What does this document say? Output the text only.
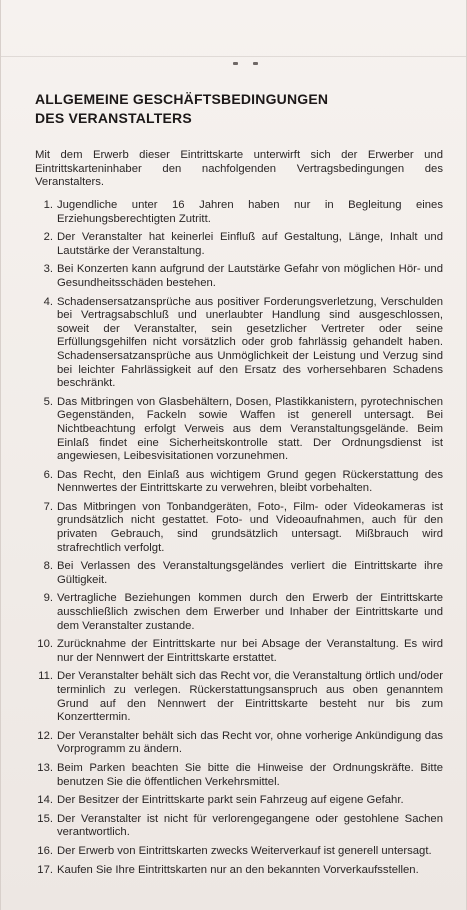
ALLGEMEINE GESCHÄFTSBEDINGUNGEN
DES VERANSTALTERS

Mit dem Erwerb dieser Eintrittskarte unterwirft sich der Erwerber und Eintrittskarteninhaber den nachfolgenden Vertragsbedingungen des Veranstalters.

1. Jugendliche unter 16 Jahren haben nur in Begleitung eines Erziehungsberechtigten Zutritt.
2. Der Veranstalter hat keinerlei Einfluß auf Gestaltung, Länge, Inhalt und Lautstärke der Veranstaltung.
3. Bei Konzerten kann aufgrund der Lautstärke Gefahr von möglichen Hör- und Gesundheitsschäden bestehen.
4. Schadensersatzansprüche aus positiver Forderungsverletzung, Verschulden bei Vertragsabschluß und unerlaubter Handlung sind ausgeschlossen, soweit der Veranstalter, sein gesetzlicher Vertreter oder seine Erfüllungsgehilfen nicht vorsätzlich oder grob fahrlässig gehandelt haben. Schadensersatzansprüche aus Unmöglichkeit der Leistung und Verzug sind bei leichter Fahrlässigkeit auf den Ersatz des vorhersehbaren Schadens beschränkt.
5. Das Mitbringen von Glasbehältern, Dosen, Plastikkanistern, pyrotechnischen Gegenständen, Fackeln sowie Waffen ist generell untersagt. Bei Nichtbeachtung erfolgt Verweis aus dem Veranstaltungsgelände. Beim Einlaß findet eine Sicherheitskontrolle statt. Der Ordnungsdienst ist angewiesen, Leibesvisitationen vorzunehmen.
6. Das Recht, den Einlaß aus wichtigem Grund gegen Rückerstattung des Nennwertes der Eintrittskarte zu verwehren, bleibt vorbehalten.
7. Das Mitbringen von Tonbandgeräten, Foto-, Film- oder Videokameras ist grundsätzlich nicht gestattet. Foto- und Videoaufnahmen, auch für den privaten Gebrauch, sind grundsätzlich untersagt. Mißbrauch wird strafrechtlich verfolgt.
8. Bei Verlassen des Veranstaltungsgeländes verliert die Eintrittskarte ihre Gültigkeit.
9. Vertragliche Beziehungen kommen durch den Erwerb der Eintrittskarte ausschließlich zwischen dem Erwerber und Inhaber der Eintrittskarte und dem Veranstalter zustande.
10. Zurücknahme der Eintrittskarte nur bei Absage der Veranstaltung. Es wird nur der Nennwert der Eintrittskarte erstattet.
11. Der Veranstalter behält sich das Recht vor, die Veranstaltung örtlich und/oder terminlich zu verlegen. Rückerstattungsanspruch aus oben genanntem Grund auf den Nennwert der Eintrittskarte besteht nur bis zum Konzerttermin.
12. Der Veranstalter behält sich das Recht vor, ohne vorherige Ankündigung das Vorprogramm zu ändern.
13. Beim Parken beachten Sie bitte die Hinweise der Ordnungskräfte. Bitte benutzen Sie die öffentlichen Verkehrsmittel.
14. Der Besitzer der Eintrittskarte parkt sein Fahrzeug auf eigene Gefahr.
15. Der Veranstalter ist nicht für verlorengegangene oder gestohlene Sachen verantwortlich.
16. Der Erwerb von Eintrittskarten zwecks Weiterverkauf ist generell untersagt.
17. Kaufen Sie Ihre Eintrittskarten nur an den bekannten Vorverkaufsstellen.
